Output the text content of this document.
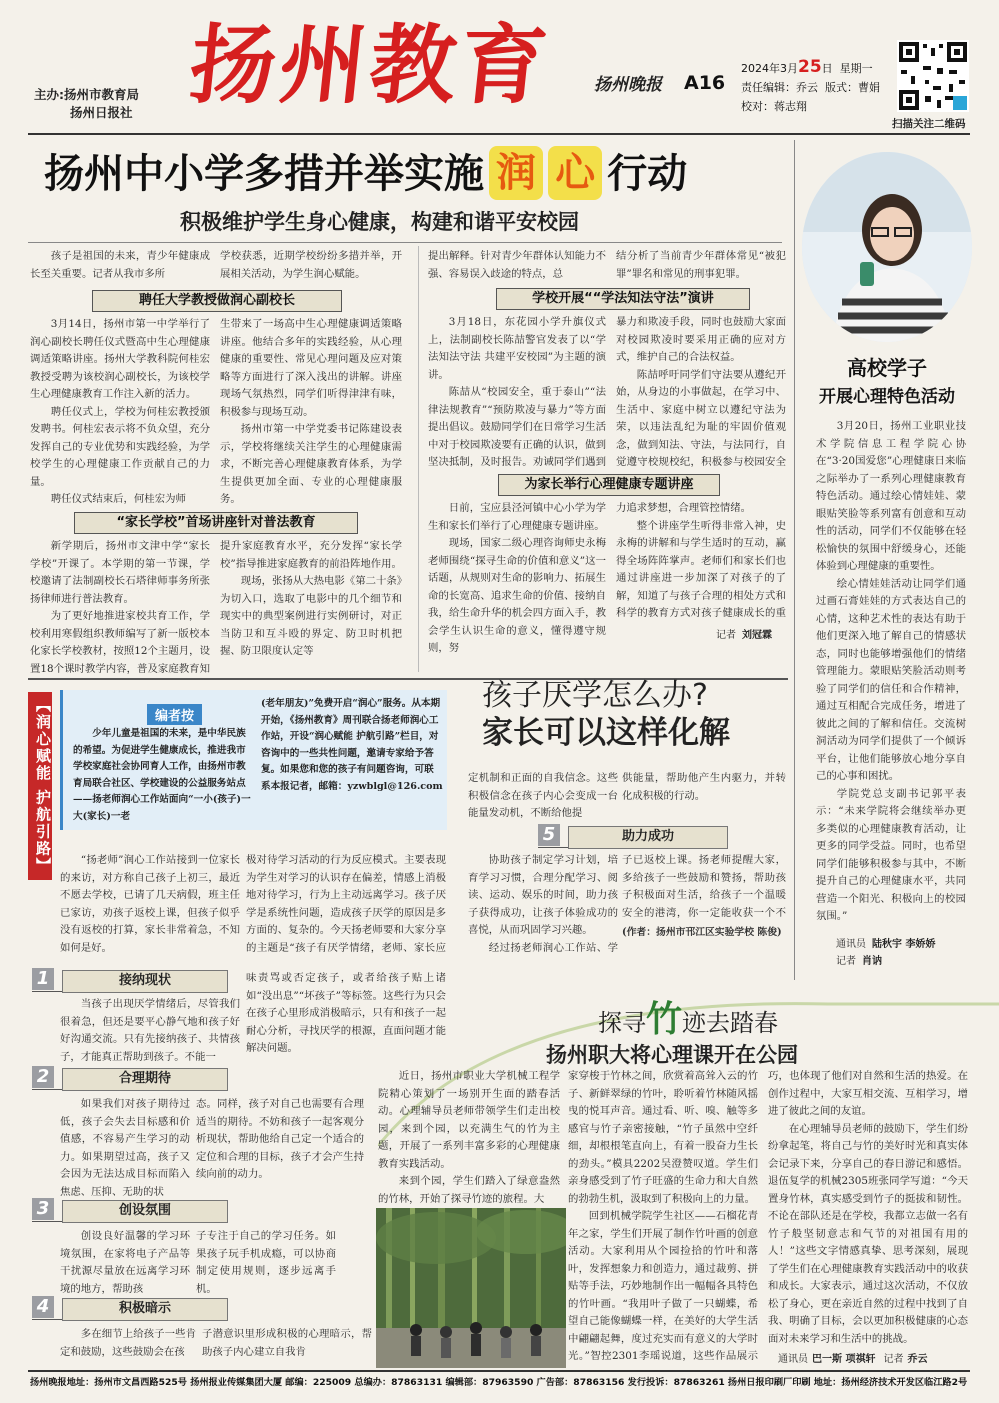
主办:扬州市教育局
扬州日报社 扬州教育 扬州晚报 A16
2024年3月25日 星期一
责任编辑：乔云 版式：曹娟
校对：蒋志翔
扫描关注二维码
扬州中小学多措并举实施 润 心 行动
积极维护学生身心健康，构建和谐平安校园
孩子是祖国的未来，青少年健康成长至关重要。记者从我市多所
学校获悉，近期学校纷纷多措并举，开展相关活动，为学生润心赋能。
提出解释。针对青少年群体认知能力不强、容易误入歧途的特点，总
结分析了当前青少年群体常见“被犯罪”罪名和常见的刑事犯罪。
聘任大学教授做润心副校长

3月14日，扬州市第一中学举行了润心副校长聘任仪式暨高中生心理健康调适策略讲座。扬州大学教科院何桂宏教授受聘为该校润心副校长，为该校学生心理健康教育工作注入新的活力。

聘任仪式上，学校为何桂宏教授颁发聘书。何桂宏表示将不负众望，充分发挥自己的专业优势和实践经验，为学校学生的心理健康工作贡献自己的力量。

聘任仪式结束后，何桂宏为师

生带来了一场高中生心理健康调适策略讲座。他结合多年的实践经验，从心理健康的重要性、常见心理问题及应对策略等方面进行了深入浅出的讲解。讲座现场气氛热烈，同学们听得津津有味，积极参与现场互动。

扬州市第一中学党委书记陈建设表示，学校将继续关注学生的心理健康需求，不断完善心理健康教育体系，为学生提供更加全面、专业的心理健康服务。

“家长学校”首场讲座针对普法教育

新学期后，扬州市文津中学“家长学校”开课了。本学期的第一节课，学校邀请了法制副校长石塔律师事务所张扬律师进行普法教育。

为了更好地推进家校共育工作，学校利用寒假组织教师编写了新一版校本化家长学校教材，按照12个主题月，设置18个课时教学内容，普及家庭教育知

提升家庭教育水平，充分发挥“家长学校”指导推进家庭教育的前沿阵地作用。

现场，张扬从大热电影《第二十条》为切入口，选取了电影中的几个细节和现实中的典型案例进行实例研讨，对正当防卫和互斗殴的界定、防卫时机把握、防卫限度认定等

学校开展““学法知法守法”演讲

3月18日，东花园小学升旗仪式上，法制副校长陈喆警官发表了以“学法知法守法 共建平安校园”为主题的演讲。

陈喆从“校园安全，重于泰山”“法律法规教育”“预防欺凌与暴力”等方面提出倡议。鼓励同学们在日常学习生活中对于校园欺凌要有正确的认识，做到坚决抵制，及时报告。劝诫同学们遇到

暴力和欺凌手段，同时也鼓励大家面对校园欺凌时要采用正确的应对方式，维护自己的合法权益。

陈喆呼吁同学们守法要从遵纪开始，从身边的小事做起，在学习中、生活中、家庭中树立以遵纪守法为荣，以违法乱纪为耻的牢固价值观念，做到知法、守法，与法同行，自觉遵守校规校纪，积极参与校园安全

为家长举行心理健康专题讲座

日前，宝应县泾河镇中心小学为学生和家长们举行了心理健康专题讲座。

现场，国家二级心理咨询师史永梅老师围绕“探寻生命的价值和意义”这一话题，从规则对生命的影响力、拓展生命的长宽高、追求生命的价值、接纳自我，给生命升华的机会四方面入手，教会学生认识生命的意义，懂得遵守规则，努

力追求梦想，合理管控情绪。

整个讲座学生听得非常入神，史永梅的讲解和与学生适时的互动，赢得全场阵阵掌声。老师们和家长们也通过讲座进一步加深了对孩子的了解，知道了与孩子合理的相处方式和科学的教育方式对孩子健康成长的重

记者 刘冠霖
高校学子
开展心理特色活动

3月20日，扬州工业职业技术学院信息工程学院心协在“3·20国爱您”心理健康日来临之际举办了一系列心理健康教育特色活动。通过绘心情娃娃、蒙眼贴笑脸等系列富有创意和互动性的活动，同学们不仅能够在轻松愉快的氛围中舒缓身心，还能体验到心理健康的重要性。

绘心情娃娃活动让同学们通过画石膏娃娃的方式表达自己的心情，这种艺术性的表达有助于他们更深入地了解自己的情感状态，同时也能够增强他们的情绪管理能力。蒙眼贴笑脸活动则考验了同学们的信任和合作精神，通过互相配合完成任务，增进了彼此之间的了解和信任。交流树洞活动为同学们提供了一个倾诉平台，让他们能够放心地分享自己的心事和困扰。

学院党总支副书记郭平表示：“未来学院将会继续举办更多类似的心理健康教育活动，让更多的同学受益。同时，也希望同学们能够积极参与其中，不断提升自己的心理健康水平，共同营造一个阳光、积极向上的校园氛围。”

通讯员 陆秋宇 李娇娇
记者 肖讷
【润心赋能 护航引路】	编者按
少年儿童是祖国的未来，是中华民族的希望。为促进学生健康成长，推进我市学校家庭社会协同育人工作，由扬州市教育局联合社区、学校建设的公益服务站点——扬老师润心工作站面向“一小(孩子)一大(家长)一老
(老年朋友)”免费开启“润心”服务。从本期开始，《扬州教育》周刊联合扬老师润心工作站，开设“润心赋能 护航引路”栏目，对咨询中的一些共性问题，邀请专家给予答复。如果您和您的孩子有问题咨询，可联系本报记者，邮箱：yzwblgl@126.com
孩子厌学怎么办?
家长可以这样化解
定机制和正面的自我信念。这些积极信念在孩子内心会变成一台能量发动机，不断给他提
供能量，帮助他产生内驱力，并转化成积极的行动。

“扬老师”润心工作站接到一位家长的来访，对方称自己孩子上初三，最近不愿去学校，已请了几天病假，班主任已家访，劝孩子返校上课，但孩子似乎没有返校的打算，家长非常着急，不知如何是好。

极对待学习活动的行为反应模式。主要表现为学生对学习的认识存在偏差，情感上消极地对待学习，行为上主动远离学习。孩子厌学是系统性问题，造成孩子厌学的原因是多方面的、复杂的。今天扬老师要和大家分享的主题是“孩子有厌学情绪，老师、家长应
5	助力成功

协助孩子制定学习计划，培育学习习惯，合理分配学习、阅读、运动、娱乐的时间，助力孩子获得成功，让孩子体验成功的喜悦，从而巩固学习兴趣。

经过扬老师润心工作站、学

子已返校上课。扬老师提醒大家，多给孩子一些鼓励和赞扬，帮助孩子积极面对生活，给孩子一个温暖安全的港湾，你一定能收获一个不
(作者：扬州市邗江区实验学校 陈俊)
1	接纳现状

当孩子出现厌学情绪后，尽管我们很着急，但还是要平心静气地和孩子好好沟通交流。只有先接纳孩子、共情孩子，才能真正帮助到孩子。不能一

味责骂或否定孩子，或者给孩子贴上诸如“没出息”“坏孩子”等标签。这些行为只会在孩子心里形成消极暗示，只有和孩子一起耐心分析，寻找厌学的根源，直面问题才能解决问题。
2	合理期待

如果我们对孩子期待过低，孩子会失去目标感和价值感，不容易产生学习的动力。如果期望过高，孩子又会因为无法达成目标而陷入焦虑、压抑、无助的状

态。同样，孩子对自己也需要有合理适当的期待。不妨和孩子一起客观分析现状，帮助他给自己定一个适合的定位和合理的目标，孩子才会产生持续向前的动力。
3	创设氛围

创设良好温馨的学习环境氛围，在家将电子产品等干扰源尽量放在远离学习环境的地方，帮助孩

子专注于自己的学习任务。如果孩子玩手机成瘾，可以协商制定使用规则，逐步远离手机。
4	积极暗示

多在细节上给孩子一些肯定和鼓励，这些鼓励会在孩

子潜意识里形成积极的心理暗示，帮助孩子内心建立自我肯
探寻竹迹去踏春
扬州职大将心理课开在公园

近日，扬州市职业大学机械工程学院精心策划了一场别开生面的踏春活动。心理辅导员老师带领学生们走出校园，来到个园，以充满生气的竹为主题，开展了一系列丰富多彩的心理健康教育实践活动。

来到个园，学生们踏入了绿意盎然的竹林，开始了探寻竹迹的旅程。大

家穿梭于竹林之间，欣赏着高耸入云的竹子、新鲜翠绿的竹叶，聆听着竹林随风摇曳的悦耳声音。通过看、听、嗅、触等多感官与竹子亲密接触，“竹子虽然中空纤细，却根根笔直向上，有着一股奋力生长的劲头。”模具2202吴澄赞叹道。学生们亲身感受到了竹子旺盛的生命力和大自然的勃勃生机，汲取到了积极向上的力量。

回到机械学院学生社区——石榴花青年之家，学生们开展了制作竹叶画的创意活动。大家利用从个园捡拾的竹叶和落叶，发挥想象力和创造力，通过裁剪、拼贴等手法，巧妙地制作出一幅幅各具特色的竹叶画。“我用叶子做了一只蝴蝶，希望自己能像蝴蝶一样，在美好的大学生活中翩翩起舞，度过充实而有意义的大学时光。”智控2301李瑶说道，这些作品展示

巧，也体现了他们对自然和生活的热爱。在创作过程中，大家互相交流、互相学习，增进了彼此之间的友谊。

在心理辅导员老师的鼓励下，学生们纷纷拿起笔，将自己与竹的美好时光和真实体会记录下来，分享自己的春日游记和感悟。退伍复学的机械2305班张同学写道：“今天置身竹林，真实感受到竹子的挺拔和韧性。不论在部队还是在学校，我都立志做一名有竹子般坚韧意志和气节的对祖国有用的人！”这些文字情感真挚、思考深刻，展现了学生们在心理健康教育实践活动中的收获和成长。大家表示，通过这次活动，不仅放松了身心，更在亲近自然的过程中找到了自我、明确了目标，会以更加积极健康的心态面对未来学习和生活中的挑战。

通讯员 巴一斯 项祺轩 记者 乔云
扬州晚报地址：扬州市文昌西路525号 扬州报业传媒集团大厦 邮编：225009 总编办：87863131 编辑部：87963590 广告部：87863156 发行投诉：87863261 扬州日报印刷厂印刷 地址：扬州经济技术开发区临江路2号
